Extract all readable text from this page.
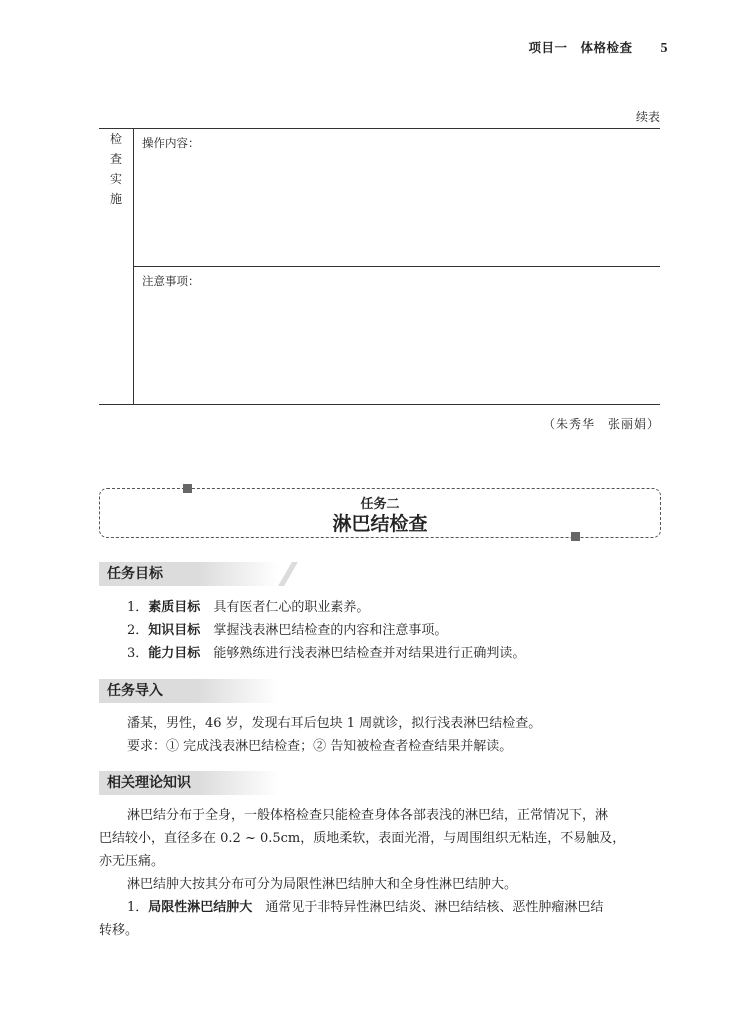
项目一　体格检查 5
续表
检
查
实
施

操作内容：
注意事项：
（朱秀华　张丽娟）
任务二
淋巴结检查
任务目标
1．素质目标　 具有医者仁心的职业素养。
2．知识目标　 掌握浅表淋巴结检查的内容和注意事项。
3．能力目标　 能够熟练进行浅表淋巴结检查并对结果进行正确判读。
任务导入
潘某，男性，46 岁，发现右耳后包块 1 周就诊，拟行浅表淋巴结检查。
要求：① 完成浅表淋巴结检查；② 告知被检查者检查结果并解读。
相关理论知识
淋巴结分布于全身，一般体格检查只能检查身体各部表浅的淋巴结，正常情况下，淋
巴结较小，直径多在 0.2 ~ 0.5cm，质地柔软，表面光滑，与周围组织无粘连，不易触及，
亦无压痛。
淋巴结肿大按其分布可分为局限性淋巴结肿大和全身性淋巴结肿大。
1．局限性淋巴结肿大　 通常见于非特异性淋巴结炎、淋巴结结核、恶性肿瘤淋巴结
转移。
